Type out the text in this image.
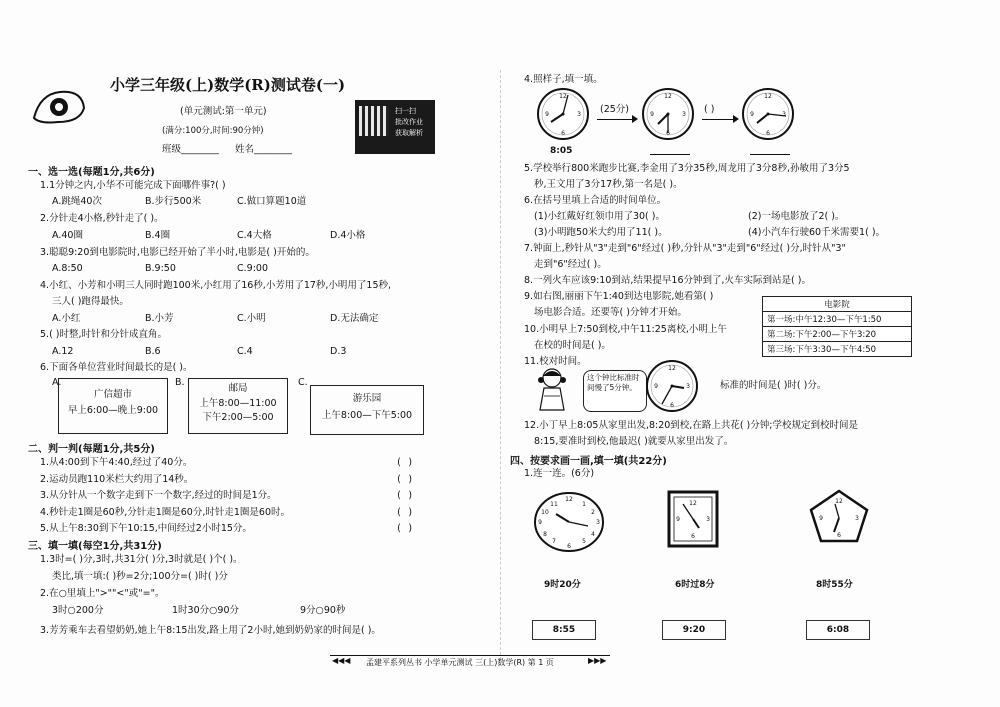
小学三年级(上)数学(R)测试卷(一)
(单元测试:第一单元)
(满分:100分,时间:90分钟)
班级________ 姓名________
扫一扫
批改作业
获取解析
一、选一选(每题1分,共6分)
1.1分钟之内,小华不可能完成下面哪件事?( )
A.跳绳40次	B.步行500米	C.做口算题10道
2.分针走4小格,秒针走了( )。
A.40圈	B.4圈	C.4大格	D.4小格
3.聪聪9:20到电影院时,电影已经开始了半小时,电影是( )开始的。
A.8:50	B.9:50	C.9:00
4.小红、小芳和小明三人同时跑100米,小红用了16秒,小芳用了17秒,小明用了15秒,
三人( )跑得最快。
A.小红	B.小芳	C.小明	D.无法确定
5.( )时整,时针和分针成直角。
A.12	B.6	C.4	D.3
6.下面各单位营业时间最长的是( )。
A.
广信超市
早上6:00—晚上9:00
B.
邮局
上午8:00—11:00
下午2:00—5:00
C.
游乐园
上午8:00—下午5:00
二、判一判(每题1分,共5分)
1.从4:00到下午4:40,经过了40分。
2.运动员跑110米栏大约用了14秒。
3.从分针从一个数字走到下一个数字,经过的时间是1分。
4.秒针走1圈是60秒,分针走1圈是60分,时针走1圈是60时。
5.从上午8:30到下午10:15,中间经过2小时15分。
( )
( )
( )
( )
( )
三、填一填(每空1分,共31分)
1.3时=( )分,3时,共31分( )分,3时就是( )个( )。
类比,填一填:( )秒=2分;100分=( )时( )分
2.在○里填上">""<"或"="。
3时○200分	1时30分○90分	9分○90秒
3.芳芳乘车去看望奶奶,她上午8:15出发,路上用了2小时,她到奶奶家的时间是( )。
4.照样子,填一填。
12
3
6
9
8:05
(25分)
12
3
6
9	( )
12
3
6
9
5.学校举行800米跑步比赛,李金用了3分35秒,周龙用了3分8秒,孙敏用了3分5
秒,王文用了3分17秒,第一名是( )。
6.在括号里填上合适的时间单位。
(1)小红戴好红领巾用了30( )。	(2)一场电影放了2( )。
(3)小明跑50米大约用了11( )。	(4)小汽车行驶60千米需要1( )。
7.钟面上,秒针从"3"走到"6"经过( )秒,分针从"3"走到"6"经过( )分,时针从"3"
走到"6"经过( )。
8.一列火车应该9:10到站,结果提早16分钟到了,火车实际到站是( )。
9.如右图,丽丽下午1:40到达电影院,她看第( )
场电影合适。还要等( )分钟才开始。
电影院
第一场:中午12:30—下午1:50
第二场:下午2:00—下午3:20
第三场:下午3:30—下午4:50
10.小明早上7:50到校,中午11:25离校,小明上午
在校的时间是( )。
11.校对时间。
这个钟比标准时间慢了5分钟。
12
3
6
9	标准的时间是( )时( )分。
12.小丁早上8:05从家里出发,8:20到校,在路上共花( )分钟;学校规定到校时间是
8:15,要准时到校,他最迟( )就要从家里出发了。
四、按要求画一画,填一填(共22分)
1.连一连。(6分)
12
3
6
9
1
2
4
5
7
8
10
11	12
3
6
9
12
3
6
9
9时20分	6时过8分	8时55分
8:55	9:20	6:08
◀◀◀ 孟建平系列丛书 小学单元测试 三(上)数学(R) 第 1 页	▶▶▶
